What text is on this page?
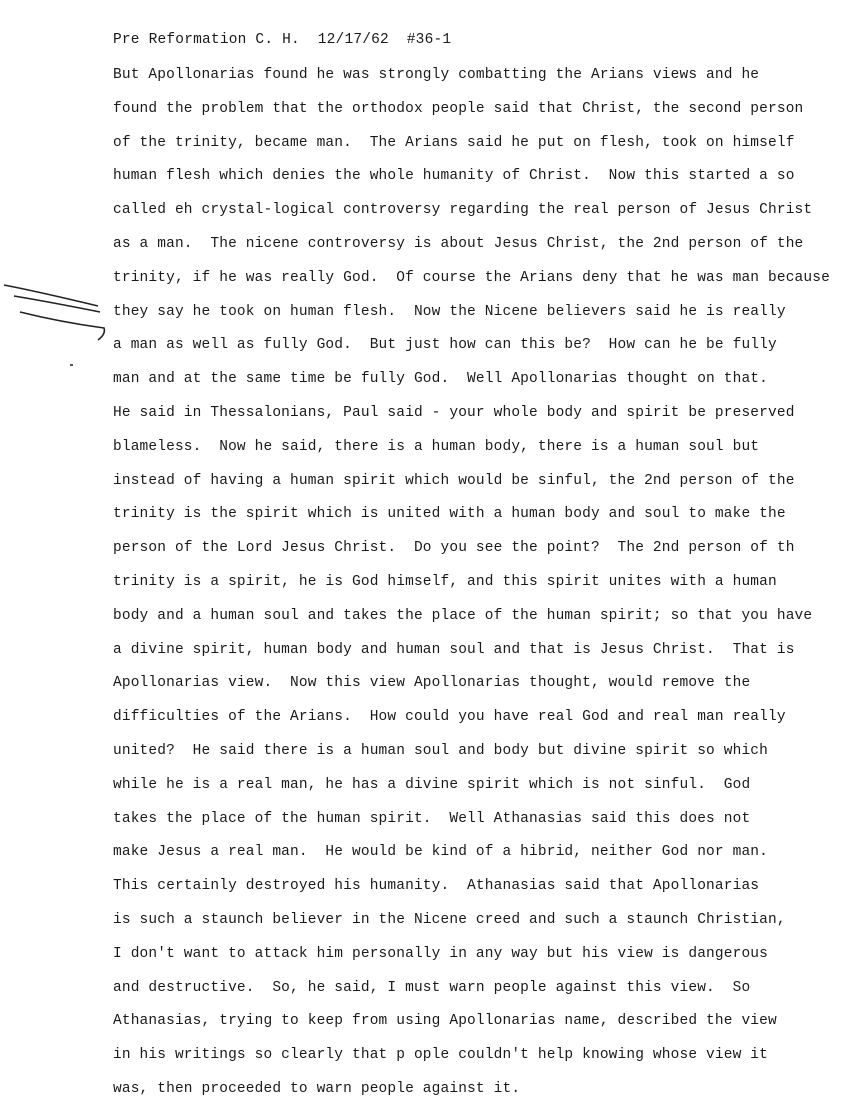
Pre Reformation C. H. 12/17/62 #36-1
But Apollonarias found he was strongly combatting the Arians views and he
found the problem that the orthodox people said that Christ, the second person
of the trinity, became man.  The Arians said he put on flesh, took on himself
human flesh which denies the whole humanity of Christ.  Now this started a so
called eh crystal-logical controversy regarding the real person of Jesus Christ
as a man.  The nicene controversy is about Jesus Christ, the 2nd person of the
trinity, if he was really God.  Of course the Arians deny that he was man because
they say he took on human flesh.  Now the Nicene believers said he is really
a man as well as fully God.  But just how can this be?  How can he be fully
man and at the same time be fully God.  Well Apollonarias thought on that.
He said in Thessalonians, Paul said - your whole body and spirit be preserved
blameless.  Now he said, there is a human body, there is a human soul but
instead of having a human spirit which would be sinful, the 2nd person of the
trinity is the spirit which is united with a human body and soul to make the
person of the Lord Jesus Christ.  Do you see the point?  The 2nd person of th
trinity is a spirit, he is God himself, and this spirit unites with a human
body and a human soul and takes the place of the human spirit; so that you have
a divine spirit, human body and human soul and that is Jesus Christ.  That is
Apollonarias view.  Now this view Apollonarias thought, would remove the
difficulties of the Arians.  How could you have real God and real man really
united?  He said there is a human soul and body but divine spirit so which
while he is a real man, he has a divine spirit which is not sinful.  God
takes the place of the human spirit.  Well Athanasias said this does not
make Jesus a real man.  He would be kind of a hibrid, neither God nor man.
This certainly destroyed his humanity.  Athanasias said that Apollonarias
is such a staunch believer in the Nicene creed and such a staunch Christian,
I don't want to attack him personally in any way but his view is dangerous
and destructive.  So, he said, I must warn people against this view.  So
Athanasias, trying to keep from using Apollonarias name, described the view
in his writings so clearly that p ople couldn't help knowing whose view it
was, then proceeded to warn people against it.
